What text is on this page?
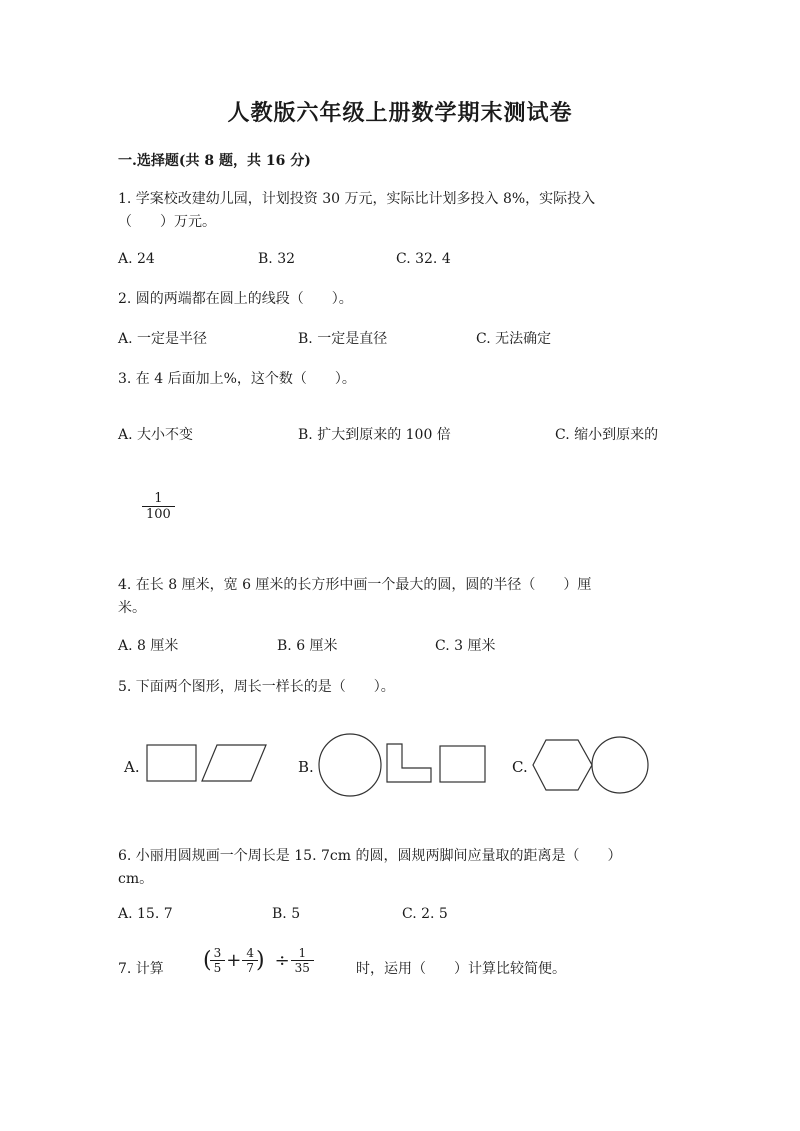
人教版六年级上册数学期末测试卷
一.选择题(共 8 题，共 16 分)
1. 学案校改建幼儿园，计划投资 30 万元，实际比计划多投入 8%，实际投入
（　　）万元。
A. 24	B. 32	C. 32. 4
2. 圆的两端都在圆上的线段（　　）。
A. 一定是半径	B. 一定是直径	C. 无法确定
3. 在 4 后面加上%，这个数（　　）。
A. 大小不变	B. 扩大到原来的 100 倍	C. 缩小到原来的
$\frac{1}{100}$
4. 在长 8 厘米，宽 6 厘米的长方形中画一个最大的圆，圆的半径（　　）厘
米。
A. 8 厘米	B. 6 厘米	C. 3 厘米
5. 下面两个图形，周长一样长的是（　　）。
A.	B.	C.
6. 小丽用圆规画一个周长是 15. 7cm 的圆，圆规两脚间应量取的距离是（　　）
cm。
A. 15. 7	B. 5	C. 2. 5
7. 计算 ( $\frac{3}{5} + \frac{4}{7}$ ) ÷ $\frac{1}{35}$	时，运用（　　）计算比较简便。
